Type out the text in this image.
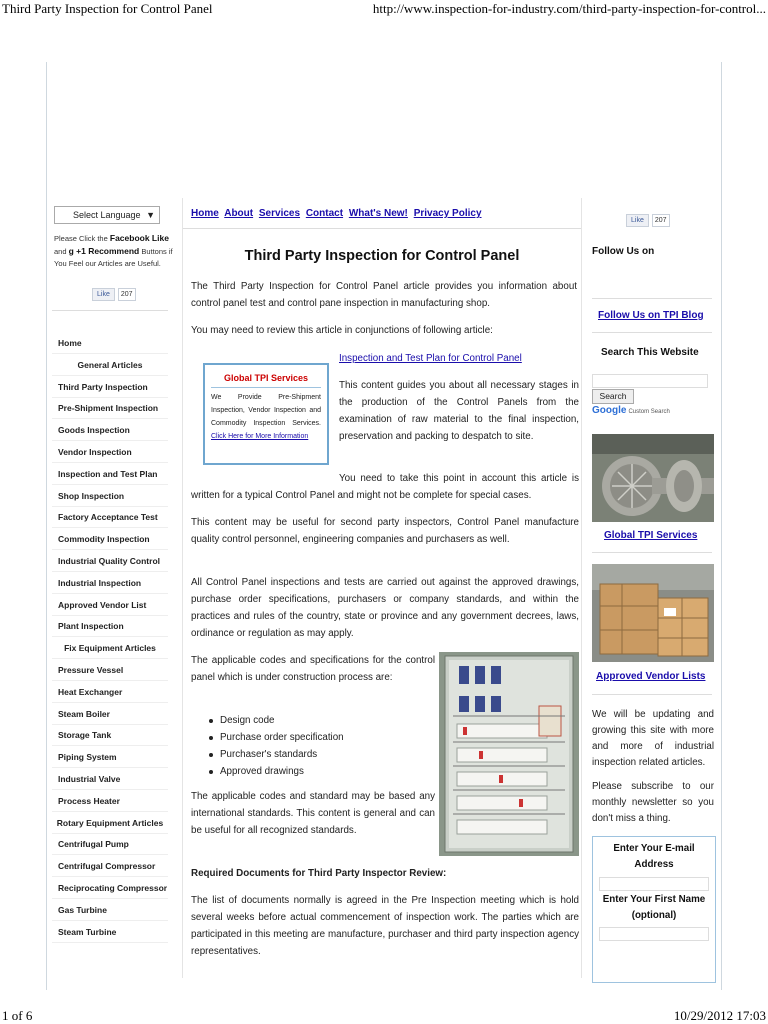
Third Party Inspection for Control Panel	http://www.inspection-for-industry.com/third-party-inspection-for-control...
Select Language ▼
Please Click the Facebook Like and g +1 Recommend Buttons if You Feel our Articles are Useful.
Like	207
Home
General Articles
Third Party Inspection
Pre-Shipment Inspection
Goods Inspection
Vendor Inspection
Inspection and Test Plan
Shop Inspection
Factory Acceptance Test
Commodity Inspection
Industrial Quality Control
Industrial Inspection
Approved Vendor List
Plant Inspection
Fix Equipment Articles
Pressure Vessel
Heat Exchanger
Steam Boiler
Storage Tank
Piping System
Industrial Valve
Process Heater
Rotary Equipment Articles
Centrifugal Pump
Centrifugal Compressor
Reciprocating Compressor
Gas Turbine
Steam Turbine
Home About Services Contact What's New! Privacy Policy
Third Party Inspection for Control Panel
The Third Party Inspection for Control Panel article provides you information about control panel test and control pane inspection in manufacturing shop.
You may need to review this article in conjunctions of following article:
Inspection and Test Plan for Control Panel
Global TPI Services
We Provide Pre-Shipment Inspection, Vendor Inspection and Commodity Inspection Services. Click Here for More Information
This content guides you about all necessary stages in the production of the Control Panels from the examination of raw material to the final inspection, preservation and packing to despatch to site.
You need to take this point in account this article is written for a typical Control Panel and might not be complete for special cases.
This content may be useful for second party inspectors, Control Panel manufacture quality control personnel, engineering companies and purchasers as well.
All Control Panel inspections and tests are carried out against the approved drawings, purchase order specifications, purchasers or company standards, and within the practices and rules of the country, state or province and any government decrees, laws, ordinance or regulation as may apply.
The applicable codes and specifications for the control panel which is under construction process are:
Design code
Purchase order specification
Purchaser's standards
Approved drawings
The applicable codes and standard may be based any international standards. This content is general and can be useful for all recognized standards.
Required Documents for Third Party Inspector Review:
The list of documents normally is agreed in the Pre Inspection meeting which is hold several weeks before actual commencement of inspection work. The parties which are participated in this meeting are manufacture, purchaser and third party inspection agency representatives.
Like	207
Follow Us on
Follow Us on TPI Blog
Search This Website
Search
Google Custom Search
Global TPI Services
Approved Vendor Lists
We will be updating and growing this site with more and more of industrial inspection related articles.
Please subscribe to our monthly newsletter so you don't miss a thing.
Enter Your E-mail Address
Enter Your First Name (optional)
1 of 6	10/29/2012 17:03
